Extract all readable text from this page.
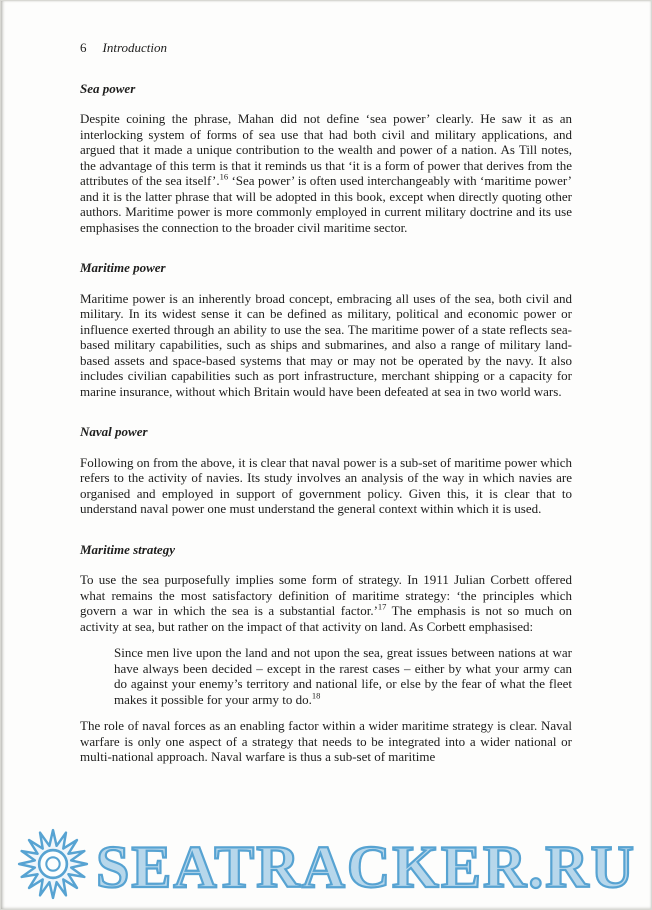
6 Introduction
Sea power

Despite coining the phrase, Mahan did not define ‘sea power’ clearly. He saw it as an interlocking system of forms of sea use that had both civil and military applications, and argued that it made a unique contribution to the wealth and power of a nation. As Till notes, the advantage of this term is that it reminds us that ‘it is a form of power that derives from the attributes of the sea itself’.$^{16}$ ‘Sea power’ is often used interchangeably with ‘maritime power’ and it is the latter phrase that will be adopted in this book, except when directly quoting other authors. Maritime power is more commonly employed in current military doctrine and its use emphasises the connection to the broader civil maritime sector.

Maritime power

Maritime power is an inherently broad concept, embracing all uses of the sea, both civil and military. In its widest sense it can be defined as military, political and economic power or influence exerted through an ability to use the sea. The maritime power of a state reflects sea-based military capabilities, such as ships and submarines, and also a range of military land-based assets and space-based systems that may or may not be operated by the navy. It also includes civilian capabilities such as port infrastructure, merchant shipping or a capacity for marine insurance, without which Britain would have been defeated at sea in two world wars.

Naval power

Following on from the above, it is clear that naval power is a sub-set of maritime power which refers to the activity of navies. Its study involves an analysis of the way in which navies are organised and employed in support of government policy. Given this, it is clear that to understand naval power one must understand the general context within which it is used.

Maritime strategy

To use the sea purposefully implies some form of strategy. In 1911 Julian Corbett offered what remains the most satisfactory definition of maritime strategy: ‘the principles which govern a war in which the sea is a substantial factor.’$^{17}$ The emphasis is not so much on activity at sea, but rather on the impact of that activity on land. As Corbett emphasised:

Since men live upon the land and not upon the sea, great issues between nations at war have always been decided – except in the rarest cases – either by what your army can do against your enemy’s territory and national life, or else by the fear of what the fleet makes it possible for your army to do.$^{18}$

The role of naval forces as an enabling factor within a wider maritime strategy is clear. Naval warfare is only one aspect of a strategy that needs to be integrated into a wider national or multi-national approach. Naval warfare is thus a sub-set of maritime

SEATRACKER.RU
